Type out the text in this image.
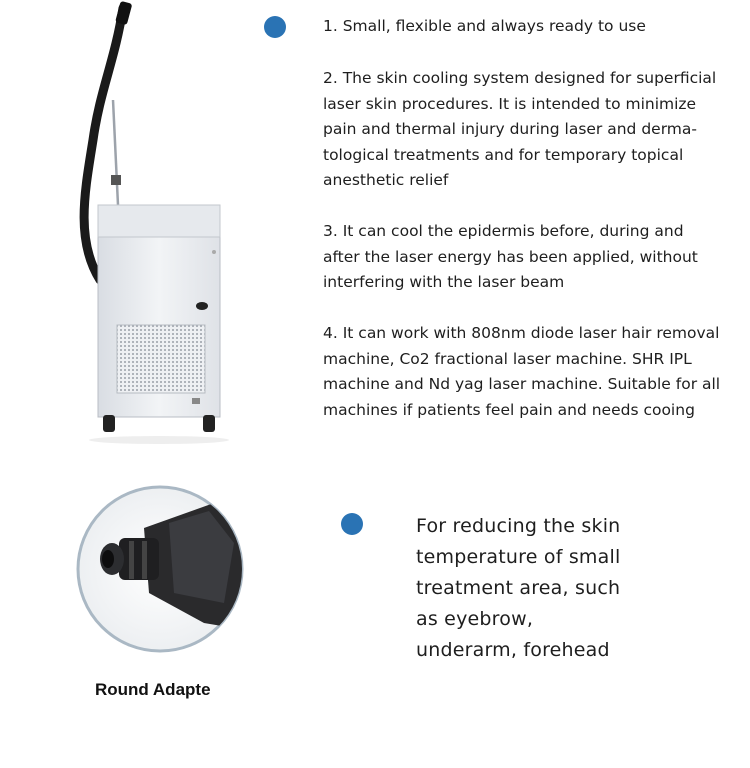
1. Small, flexible and always ready to use
2. The skin cooling system designed for superficial
laser skin procedures. It is intended to minimize
pain and thermal injury during laser and derma-
tological treatments and for temporary topical
anesthetic relief
3. It can cool the epidermis before, during and
after the laser energy has been applied, without
interfering with the laser beam
4. It can work with 808nm diode laser hair removal
machine, Co2 fractional laser machine. SHR IPL
machine and Nd yag laser machine. Suitable for all
machines if patients feel pain and needs cooing
Round Adapte
For reducing the skin
temperature of small
treatment area, such
as eyebrow,
underarm, forehead
